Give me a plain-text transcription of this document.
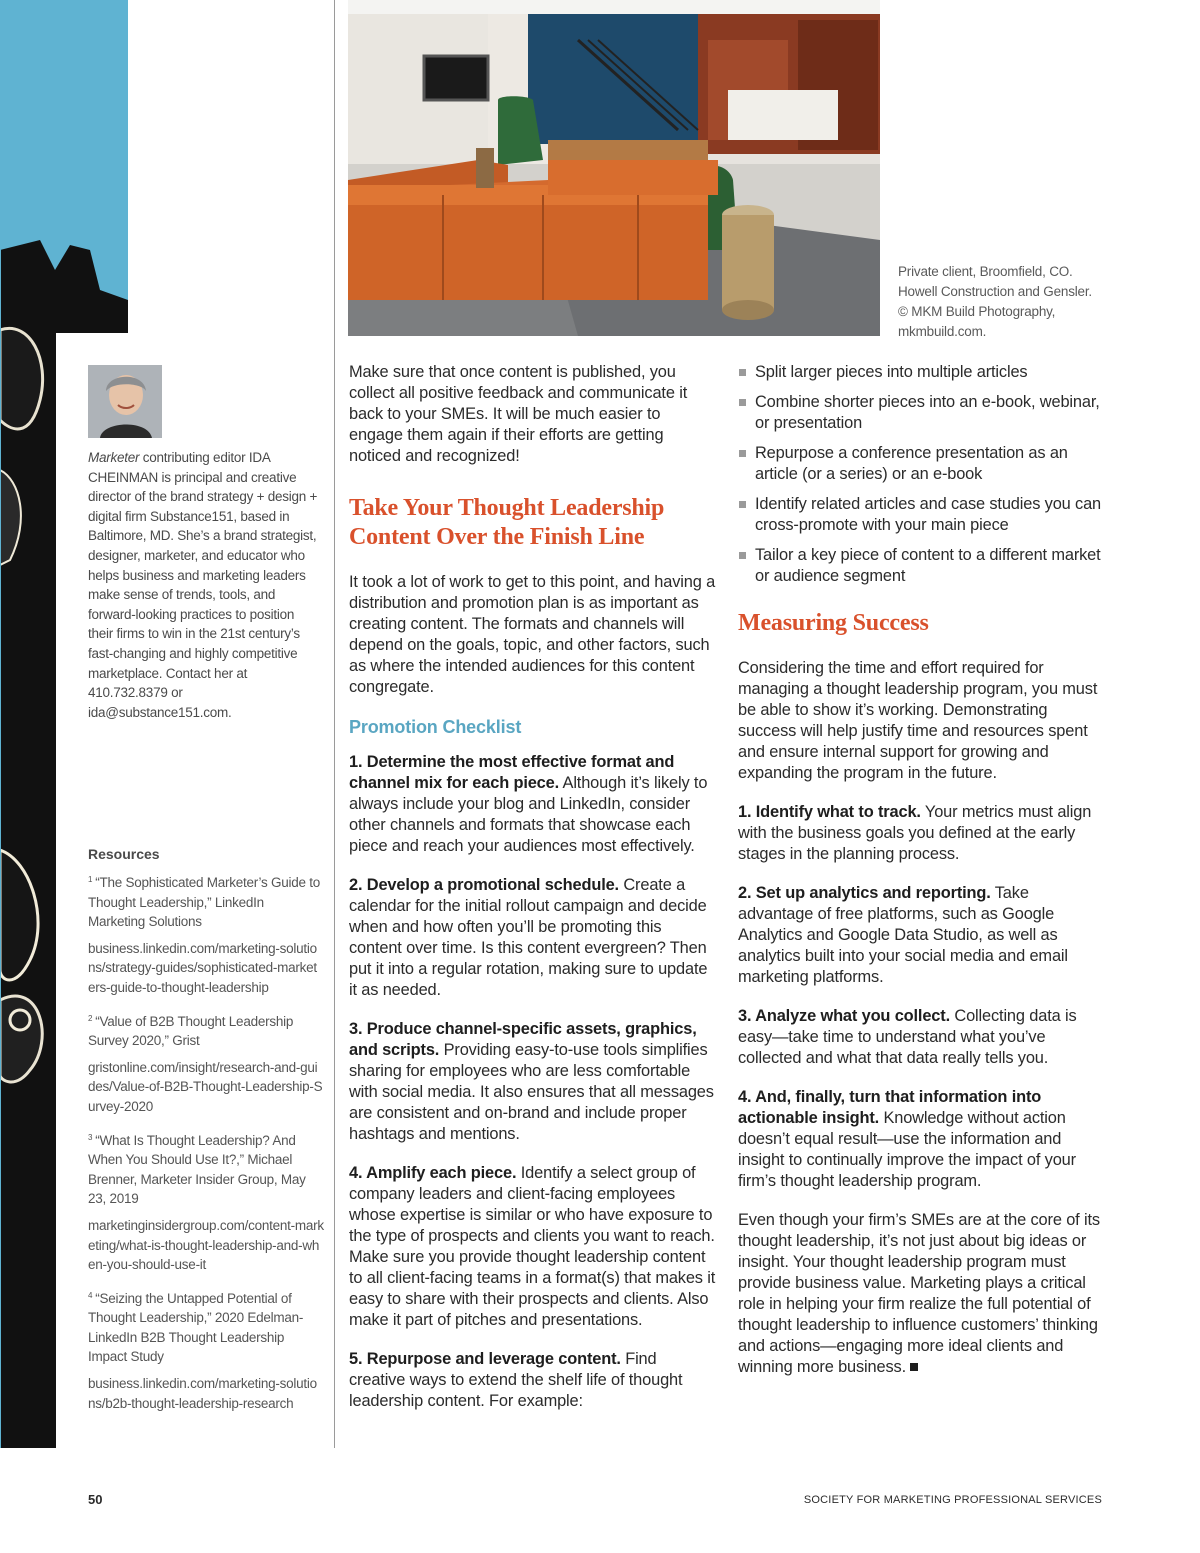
Private client, Broomfield, CO. Howell Construction and Gensler. © MKM Build Photography, mkmbuild.com.
Marketer contributing editor IDA CHEINMAN is principal and creative director of the brand strategy + design + digital firm Substance151, based in Baltimore, MD. She’s a brand strategist, designer, marketer, and educator who helps business and marketing leaders make sense of trends, tools, and forward-looking practices to position their firms to win in the 21st century’s fast-changing and highly competitive marketplace. Contact her at 410.732.8379 or ida@substance151.com.
Resources
$^1$ “The Sophisticated Marketer’s Guide to Thought Leadership,” LinkedIn Marketing Solutions
business.linkedin.com/marketing-solutions/strategy-guides/sophisticated-marketers-guide-to-thought-leadership
$^2$ “Value of B2B Thought Leadership Survey 2020,” Grist
gristonline.com/insight/research-and-guides/Value-of-B2B-Thought-Leadership-Survey-2020
$^3$ “What Is Thought Leadership? And When You Should Use It?,” Michael Brenner, Marketer Insider Group, May 23, 2019
marketinginsidergroup.com/content-marketing/what-is-thought-leadership-and-when-you-should-use-it
$^4$ “Seizing the Untapped Potential of Thought Leadership,” 2020 Edelman-LinkedIn B2B Thought Leadership Impact Study
business.linkedin.com/marketing-solutions/b2b-thought-leadership-research

Make sure that once content is published, you collect all positive feedback and communicate it back to your SMEs. It will be much easier to engage them again if their efforts are getting noticed and recognized!

Take Your Thought Leadership Content Over the Finish Line

It took a lot of work to get to this point, and having a distribution and promotion plan is as important as creating content. The formats and channels will depend on the goals, topic, and other factors, such as where the intended audiences for this content congregate.

Promotion Checklist

1. Determine the most effective format and channel mix for each piece. Although it’s likely to always include your blog and LinkedIn, consider other channels and formats that showcase each piece and reach your audiences most effectively.

2. Develop a promotional schedule. Create a calendar for the initial rollout campaign and decide when and how often you’ll be promoting this content over time. Is this content evergreen? Then put it into a regular rotation, making sure to update it as needed.

3. Produce channel-specific assets, graphics, and scripts. Providing easy-to-use tools simplifies sharing for employees who are less comfortable with social media. It also ensures that all messages are consistent and on-brand and include proper hashtags and mentions.

4. Amplify each piece. Identify a select group of company leaders and client-facing employees whose expertise is similar or who have exposure to the type of prospects and clients you want to reach. Make sure you provide thought leadership content to all client-facing teams in a format(s) that makes it easy to share with their prospects and clients. Also make it part of pitches and presentations.

5. Repurpose and leverage content. Find creative ways to extend the shelf life of thought leadership content. For example:

Split larger pieces into multiple articles
Combine shorter pieces into an e-book, webinar, or presentation
Repurpose a conference presentation as an article (or a series) or an e-book
Identify related articles and case studies you can cross-promote with your main piece
Tailor a key piece of content to a different market or audience segment
Measuring Success

Considering the time and effort required for managing a thought leadership program, you must be able to show it’s working. Demonstrating success will help justify time and resources spent and ensure internal support for growing and expanding the program in the future.

1. Identify what to track. Your metrics must align with the business goals you defined at the early stages in the planning process.

2. Set up analytics and reporting. Take advantage of free platforms, such as Google Analytics and Google Data Studio, as well as analytics built into your social media and email marketing platforms.

3. Analyze what you collect. Collecting data is easy—take time to understand what you’ve collected and what that data really tells you.

4. And, finally, turn that information into actionable insight. Knowledge without action doesn’t equal result—use the information and insight to continually improve the impact of your firm’s thought leadership program.

Even though your firm’s SMEs are at the core of its thought leadership, it’s not just about big ideas or insight. Your thought leadership program must provide business value. Marketing plays a critical role in helping your firm realize the full potential of thought leadership to influence customers’ thinking and actions—engaging more ideal clients and winning more business.

50	SOCIETY FOR MARKETING PROFESSIONAL SERVICES
